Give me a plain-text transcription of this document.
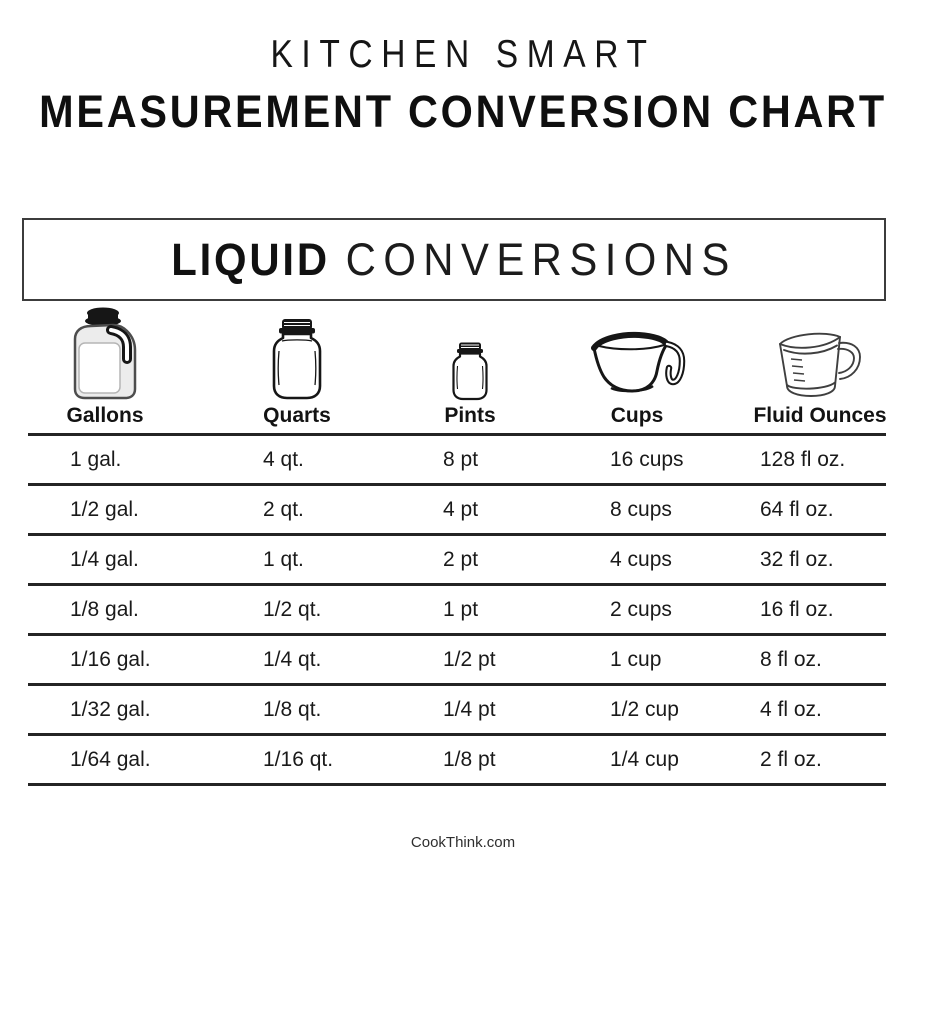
KITCHEN SMART
MEASUREMENT CONVERSION CHART
LIQUID CONVERSIONS
Gallons	Quarts	Pints	Cups	Fluid Ounces
1 gal.	4 qt.	8 pt	16 cups	128 fl oz.
1/2 gal.	2 qt.	4 pt	8 cups	64 fl oz.
1/4 gal.	1 qt.	2 pt	4 cups	32 fl oz.
1/8 gal.	1/2 qt.	1 pt	2 cups	16 fl oz.
1/16 gal.	1/4 qt.	1/2 pt	1 cup	8 fl oz.
1/32 gal.	1/8 qt.	1/4 pt	1/2 cup	4 fl oz.
1/64 gal.	1/16 qt.	1/8 pt	1/4 cup	2 fl oz.
CookThink.com
